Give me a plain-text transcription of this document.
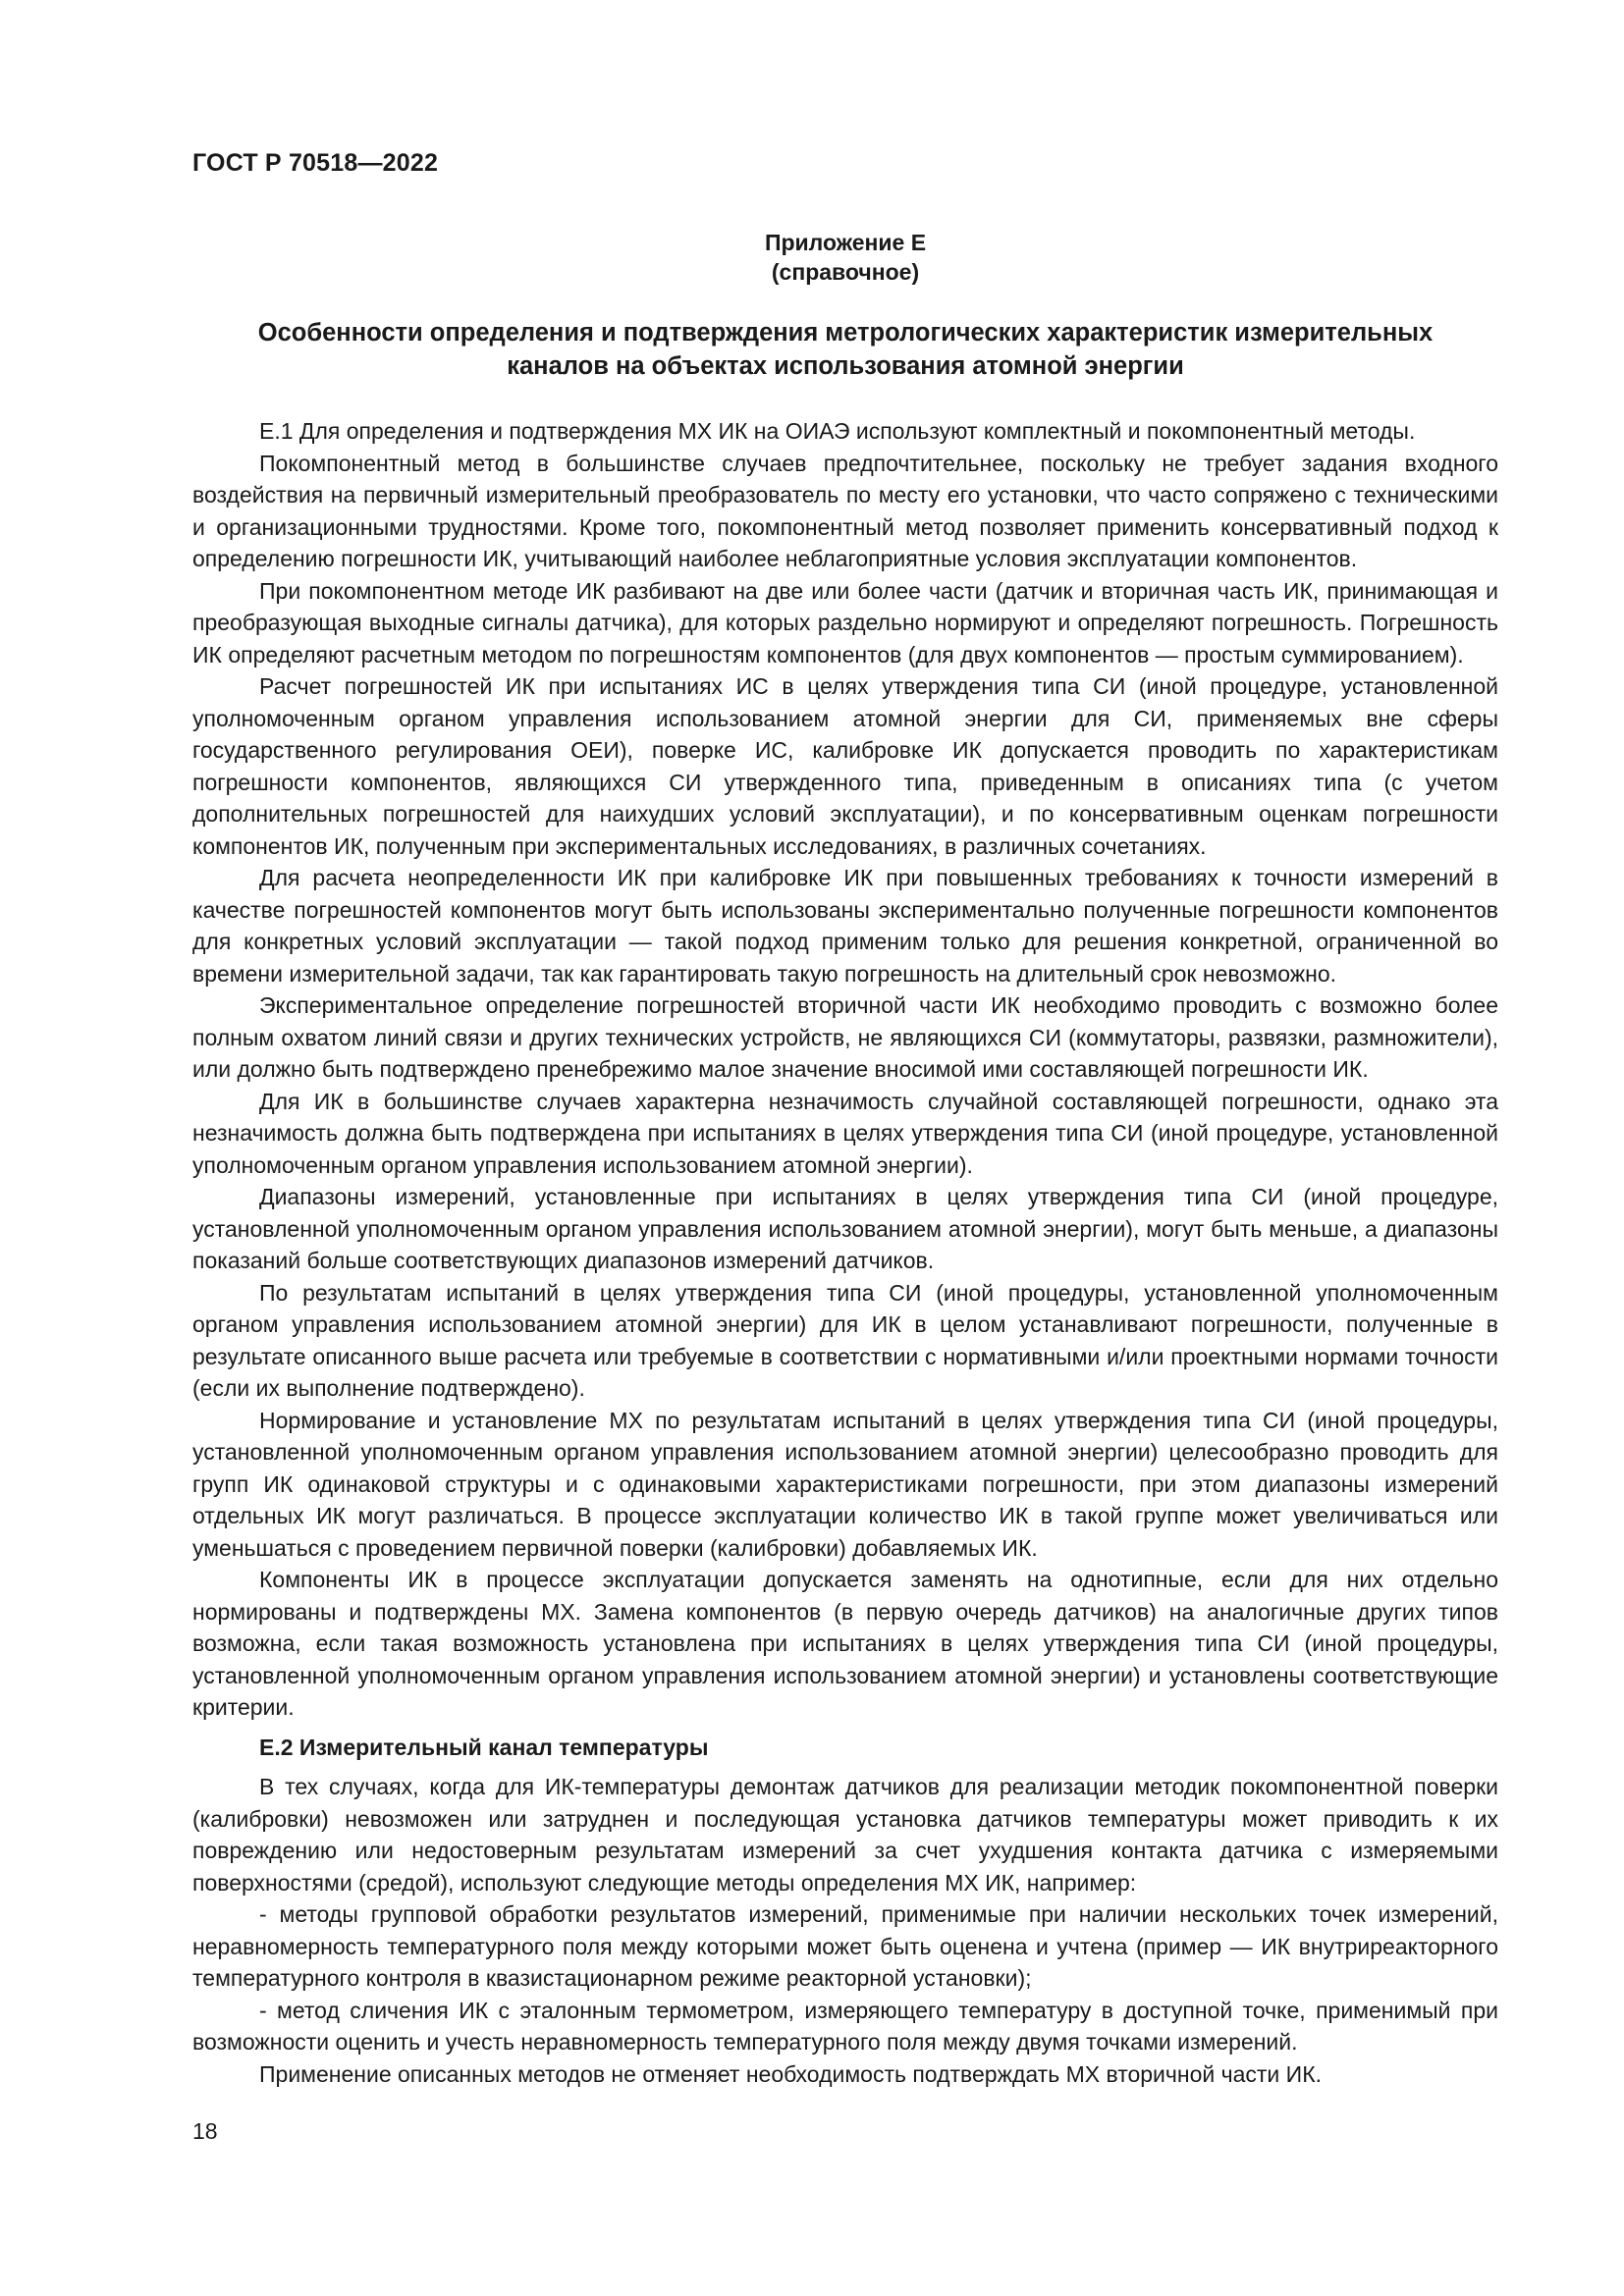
ГОСТ Р 70518—2022
Приложение Е
(справочное)
Особенности определения и подтверждения метрологических характеристик измерительных
каналов на объектах использования атомной энергии

Е.1 Для определения и подтверждения МХ ИК на ОИАЭ используют комплектный и покомпонентный методы.

Покомпонентный метод в большинстве случаев предпочтительнее, поскольку не требует задания входного воздействия на первичный измерительный преобразователь по месту его установки, что часто сопряжено с техническими и организационными трудностями. Кроме того, покомпонентный метод позволяет применить консервативный подход к определению погрешности ИК, учитывающий наиболее неблагоприятные условия эксплуатации компонентов.

При покомпонентном методе ИК разбивают на две или более части (датчик и вторичная часть ИК, принимающая и преобразующая выходные сигналы датчика), для которых раздельно нормируют и определяют погрешность. Погрешность ИК определяют расчетным методом по погрешностям компонентов (для двух компонентов — простым суммированием).

Расчет погрешностей ИК при испытаниях ИС в целях утверждения типа СИ (иной процедуре, установленной уполномоченным органом управления использованием атомной энергии для СИ, применяемых вне сферы государственного регулирования ОЕИ), поверке ИС, калибровке ИК допускается проводить по характеристикам погрешности компонентов, являющихся СИ утвержденного типа, приведенным в описаниях типа (с учетом дополнительных погрешностей для наихудших условий эксплуатации), и по консервативным оценкам погрешности компонентов ИК, полученным при экспериментальных исследованиях, в различных сочетаниях.

Для расчета неопределенности ИК при калибровке ИК при повышенных требованиях к точности измерений в качестве погрешностей компонентов могут быть использованы экспериментально полученные погрешности компонентов для конкретных условий эксплуатации — такой подход применим только для решения конкретной, ограниченной во времени измерительной задачи, так как гарантировать такую погрешность на длительный срок невозможно.

Экспериментальное определение погрешностей вторичной части ИК необходимо проводить с возможно более полным охватом линий связи и других технических устройств, не являющихся СИ (коммутаторы, развязки, размножители), или должно быть подтверждено пренебрежимо малое значение вносимой ими составляющей погрешности ИК.

Для ИК в большинстве случаев характерна незначимость случайной составляющей погрешности, однако эта незначимость должна быть подтверждена при испытаниях в целях утверждения типа СИ (иной процедуре, установленной уполномоченным органом управления использованием атомной энергии).

Диапазоны измерений, установленные при испытаниях в целях утверждения типа СИ (иной процедуре, установленной уполномоченным органом управления использованием атомной энергии), могут быть меньше, а диапазоны показаний больше соответствующих диапазонов измерений датчиков.

По результатам испытаний в целях утверждения типа СИ (иной процедуры, установленной уполномоченным органом управления использованием атомной энергии) для ИК в целом устанавливают погрешности, полученные в результате описанного выше расчета или требуемые в соответствии с нормативными и/или проектными нормами точности (если их выполнение подтверждено).

Нормирование и установление МХ по результатам испытаний в целях утверждения типа СИ (иной процедуры, установленной уполномоченным органом управления использованием атомной энергии) целесообразно проводить для групп ИК одинаковой структуры и с одинаковыми характеристиками погрешности, при этом диапазоны измерений отдельных ИК могут различаться. В процессе эксплуатации количество ИК в такой группе может увеличиваться или уменьшаться с проведением первичной поверки (калибровки) добавляемых ИК.

Компоненты ИК в процессе эксплуатации допускается заменять на однотипные, если для них отдельно нормированы и подтверждены МХ. Замена компонентов (в первую очередь датчиков) на аналогичные других типов возможна, если такая возможность установлена при испытаниях в целях утверждения типа СИ (иной процедуры, установленной уполномоченным органом управления использованием атомной энергии) и установлены соответствующие критерии.

Е.2 Измерительный канал температуры

В тех случаях, когда для ИК-температуры демонтаж датчиков для реализации методик покомпонентной поверки (калибровки) невозможен или затруднен и последующая установка датчиков температуры может приводить к их повреждению или недостоверным результатам измерений за счет ухудшения контакта датчика с измеряемыми поверхностями (средой), используют следующие методы определения МХ ИК, например:

- методы групповой обработки результатов измерений, применимые при наличии нескольких точек измерений, неравномерность температурного поля между которыми может быть оценена и учтена (пример — ИК внутриреакторного температурного контроля в квазистационарном режиме реакторной установки);

- метод сличения ИК с эталонным термометром, измеряющего температуру в доступной точке, применимый при возможности оценить и учесть неравномерность температурного поля между двумя точками измерений.

Применение описанных методов не отменяет необходимость подтверждать МХ вторичной части ИК.

18
